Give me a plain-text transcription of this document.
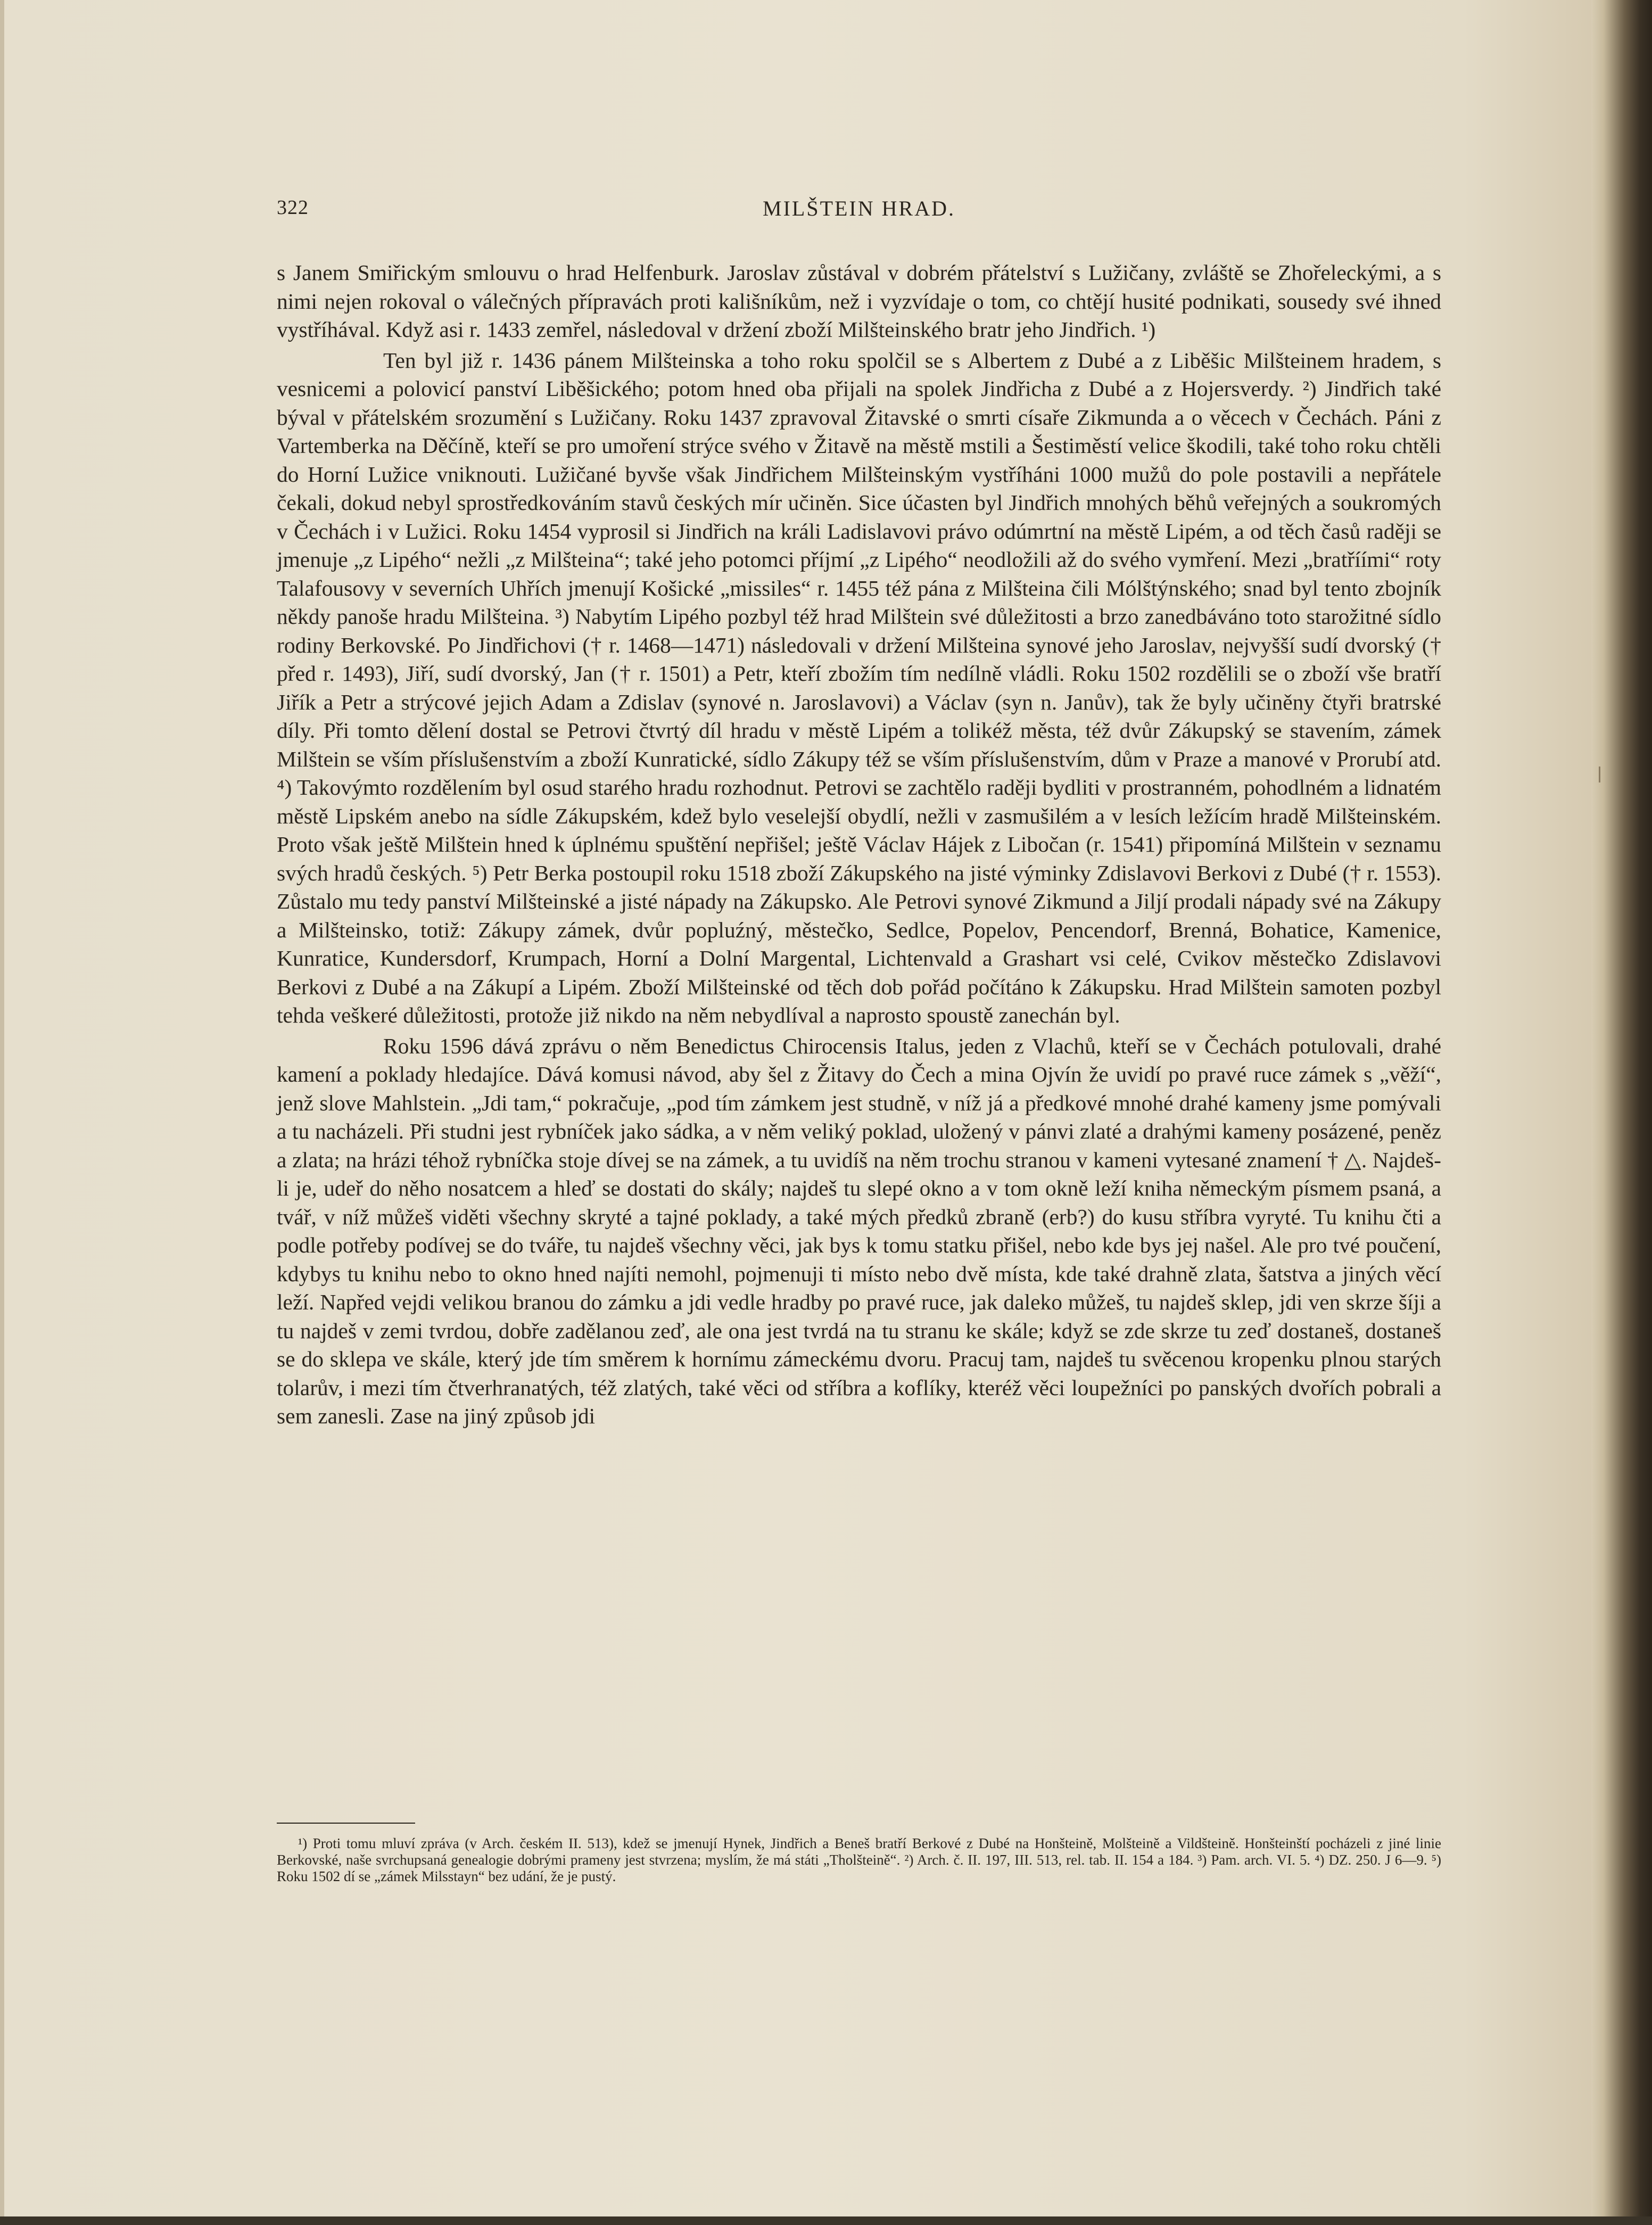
322	MILŠTEIN HRAD.

s Janem Smiřickým smlouvu o hrad Helfenburk. Jaroslav zůstával v dobrém přátelství s Lužičany, zvláště se Zhořeleckými, a s nimi nejen rokoval o válečných přípravách proti kališníkům, než i vyzvídaje o tom, co chtějí husité podnikati, sousedy své ihned vystříhával. Když asi r. 1433 zemřel, následoval v držení zboží Milšteinského bratr jeho Jindřich. ¹)

Ten byl již r. 1436 pánem Milšteinska a toho roku spolčil se s Albertem z Dubé a z Liběšic Milšteinem hradem, s vesnicemi a polovicí panství Liběšického; potom hned oba přijali na spolek Jindřicha z Dubé a z Hojersverdy. ²) Jindřich také býval v přátelském srozumění s Lužičany. Roku 1437 zpravoval Žitavské o smrti císaře Zikmunda a o věcech v Čechách. Páni z Vartemberka na Děčíně, kteří se pro umoření strýce svého v Žitavě na městě mstili a Šestiměstí velice škodili, také toho roku chtěli do Horní Lužice vniknouti. Lužičané byvše však Jindřichem Milšteinským vystříháni 1000 mužů do pole postavili a nepřátele čekali, dokud nebyl sprostředkováním stavů českých mír učiněn. Sice účasten byl Jindřich mnohých běhů veřejných a soukromých v Čechách i v Lužici. Roku 1454 vyprosil si Jindřich na králi Ladislavovi právo odúmrtní na městě Lipém, a od těch časů raději se jmenuje „z Lipého“ nežli „z Milšteina“; také jeho potomci příjmí „z Lipého“ neodložili až do svého vymření. Mezi „bratříími“ roty Talafousovy v severních Uhřích jmenují Košické „missiles“ r. 1455 též pána z Milšteina čili Mólštýnského; snad byl tento zbojník někdy panoše hradu Milšteina. ³) Nabytím Lipého pozbyl též hrad Milštein své důležitosti a brzo zanedbáváno toto starožitné sídlo rodiny Berkovské. Po Jindřichovi († r. 1468—1471) následovali v držení Milšteina synové jeho Jaroslav, nejvyšší sudí dvorský († před r. 1493), Jiří, sudí dvorský, Jan († r. 1501) a Petr, kteří zbožím tím nedílně vládli. Roku 1502 rozdělili se o zboží vše bratří Jiřík a Petr a strýcové jejich Adam a Zdislav (synové n. Jaroslavovi) a Václav (syn n. Janův), tak že byly učiněny čtyři bratrské díly. Při tomto dělení dostal se Petrovi čtvrtý díl hradu v městě Lipém a tolikéž města, též dvůr Zákupský se stavením, zámek Milštein se vším příslušenstvím a zboží Kunratické, sídlo Zákupy též se vším příslušenstvím, dům v Praze a manové v Prorubí atd. ⁴) Takovýmto rozdělením byl osud starého hradu rozhodnut. Petrovi se zachtělo raději bydliti v prostranném, pohodlném a lidnatém městě Lipském anebo na sídle Zákupském, kdež bylo veselejší obydlí, nežli v zasmušilém a v lesích ležícím hradě Milšteinském. Proto však ještě Milštein hned k úplnému spuštění nepřišel; ještě Václav Hájek z Libočan (r. 1541) připomíná Milštein v seznamu svých hradů českých. ⁵) Petr Berka postoupil roku 1518 zboží Zákupského na jisté výminky Zdislavovi Berkovi z Dubé († r. 1553). Zůstalo mu tedy panství Milšteinské a jisté nápady na Zákupsko. Ale Petrovi synové Zikmund a Jiljí prodali nápady své na Zákupy a Milšteinsko, totiž: Zákupy zámek, dvůr popluźný, městečko, Sedlce, Popelov, Pencendorf, Brenná, Bohatice, Kamenice, Kunratice, Kundersdorf, Krumpach, Horní a Dolní Margental, Lichtenvald a Grashart vsi celé, Cvikov městečko Zdislavovi Berkovi z Dubé a na Zákupí a Lipém. Zboží Milšteinské od těch dob pořád počítáno k Zákupsku. Hrad Milštein samoten pozbyl tehda veškeré důležitosti, protože již nikdo na něm nebydlíval a naprosto spoustě zanechán byl.

Roku 1596 dává zprávu o něm Benedictus Chirocensis Italus, jeden z Vlachů, kteří se v Čechách potulovali, drahé kamení a poklady hledajíce. Dává komusi návod, aby šel z Žitavy do Čech a mina Ojvín že uvidí po pravé ruce zámek s „věží“, jenž slove Mahlstein. „Jdi tam,“ pokračuje, „pod tím zámkem jest studně, v níž já a předkové mnohé drahé kameny jsme pomývali a tu nacházeli. Při studni jest rybníček jako sádka, a v něm veliký poklad, uložený v pánvi zlaté a drahými kameny posázené, peněz a zlata; na hrázi téhož rybníčka stoje dívej se na zámek, a tu uvidíš na něm trochu stranou v kameni vytesané znamení † △. Najdeš-li je, udeř do něho nosatcem a hleď se dostati do skály; najdeš tu slepé okno a v tom okně leží kniha německým písmem psaná, a tvář, v níž můžeš viděti všechny skryté a tajné poklady, a také mých předků zbraně (erb?) do kusu stříbra vyryté. Tu knihu čti a podle potřeby podívej se do tváře, tu najdeš všechny věci, jak bys k tomu statku přišel, nebo kde bys jej našel. Ale pro tvé poučení, kdybys tu knihu nebo to okno hned najíti nemohl, pojmenuji ti místo nebo dvě místa, kde také drahně zlata, šatstva a jiných věcí leží. Napřed vejdi velikou branou do zámku a jdi vedle hradby po pravé ruce, jak daleko můžeš, tu najdeš sklep, jdi ven skrze šíji a tu najdeš v zemi tvrdou, dobře zadělanou zeď, ale ona jest tvrdá na tu stranu ke skále; když se zde skrze tu zeď dostaneš, dostaneš se do sklepa ve skále, který jde tím směrem k hornímu zámeckému dvoru. Pracuj tam, najdeš tu svěcenou kropenku plnou starých tolarův, i mezi tím čtverhranatých, též zlatých, také věci od stříbra a koflíky, kteréž věci loupežníci po panských dvořích pobrali a sem zanesli. Zase na jiný způsob jdi

¹) Proti tomu mluví zpráva (v Arch. českém II. 513), kdež se jmenují Hynek, Jindřich a Beneš bratří Berkové z Dubé na Honšteině, Molšteině a Vildšteině. Honšteinští pocházeli z jiné linie Berkovské, naše svrchupsaná genealogie dobrými prameny jest stvrzena; myslím, že má státi „Tholšteině“. ²) Arch. č. II. 197, III. 513, rel. tab. II. 154 a 184. ³) Pam. arch. VI. 5. ⁴) DZ. 250. J 6—9. ⁵) Roku 1502 dí se „zámek Milsstayn“ bez udání, že je pustý.
